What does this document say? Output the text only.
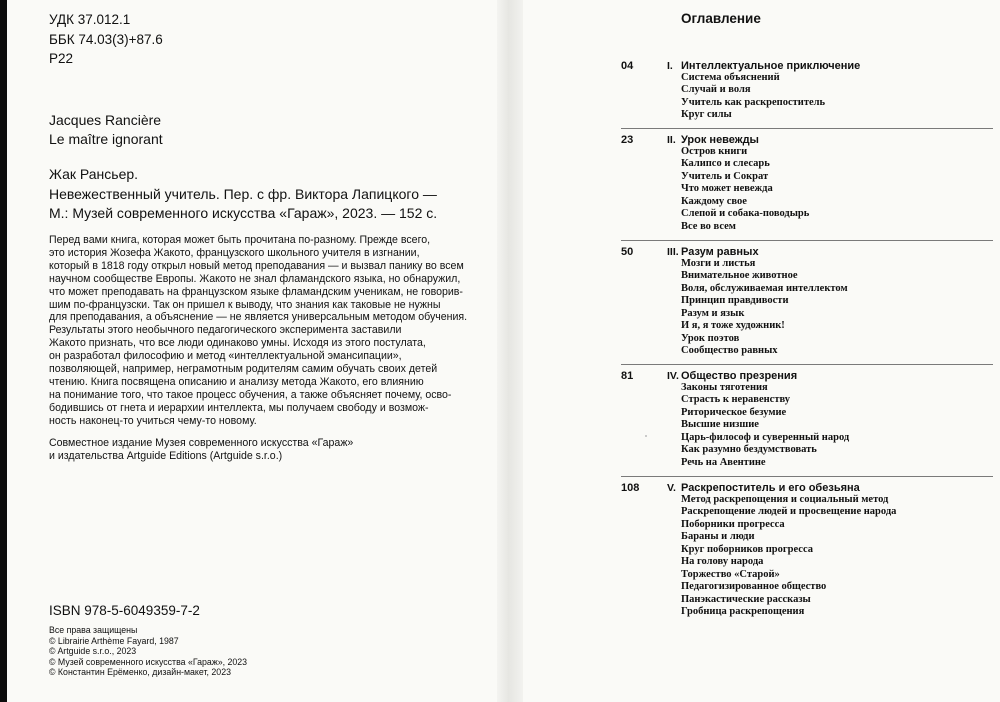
УДК 37.012.1
ББК 74.03(3)+87.6
Р22
Jacques Rancière
Le maître ignorant
Жак Рансьер.
Невежественный учитель. Пер. с фр. Виктора Лапицкого —
М.: Музей современного искусства «Гараж», 2023. — 152 с.
Перед вами книга, которая может быть прочитана по-разному. Прежде всего,
это история Жозефа Жакото, французского школьного учителя в изгнании,
который в 1818 году открыл новый метод преподавания — и вызвал панику во всем
научном сообществе Европы. Жакото не знал фламандского языка, но обнаружил,
что может преподавать на французском языке фламандским ученикам, не говорив-
шим по-французски. Так он пришел к выводу, что знания как таковые не нужны
для преподавания, а объяснение — не является универсальным методом обучения.
Результаты этого необычного педагогического эксперимента заставили
Жакото признать, что все люди одинаково умны. Исходя из этого постулата,
он разработал философию и метод «интеллектуальной эмансипации»,
позволяющей, например, неграмотным родителям самим обучать своих детей
чтению. Книга посвящена описанию и анализу метода Жакото, его влиянию
на понимание того, что такое процесс обучения, а также объясняет почему, осво-
бодившись от гнета и иерархии интеллекта, мы получаем свободу и возмож-
ность наконец-то учиться чему-то новому.
Совместное издание Музея современного искусства «Гараж»
и издательства Artguide Editions (Artguide s.r.o.)
ISBN 978-5-6049359-7-2
Все права защищены
© Librairie Arthème Fayard, 1987
© Artguide s.r.o., 2023
© Музей современного искусства «Гараж», 2023
© Константин Ерёменко, дизайн-макет, 2023
Оглавление
04	I. Интеллектуальное приключение
Система объяснений
Случай и воля
Учитель как раскрепоститель
Круг силы
23	II. Урок невежды
Остров книги
Калипсо и слесарь
Учитель и Сократ
Что может невежда
Каждому свое
Слепой и собака-поводырь
Все во всем
50	III. Разум равных
Мозги и листья
Внимательное животное
Воля, обслуживаемая интеллектом
Принцип правдивости
Разум и язык
И я, я тоже художник!
Урок поэтов
Сообщество равных
81	IV. Общество презрения
Законы тяготения
Страсть к неравенству
Риторическое безумие
Высшие низшие
Царь-философ и суверенный народ
Как разумно бездумствовать
Речь на Авентине
108	V. Раскрепоститель и его обезьяна
Метод раскрепощения и социальный метод
Раскрепощение людей и просвещение народа
Поборники прогресса
Бараны и люди
Круг поборников прогресса
На голову народа
Торжество «Старой»
Педагогизированное общество
Панэкастические рассказы
Гробница раскрепощения
